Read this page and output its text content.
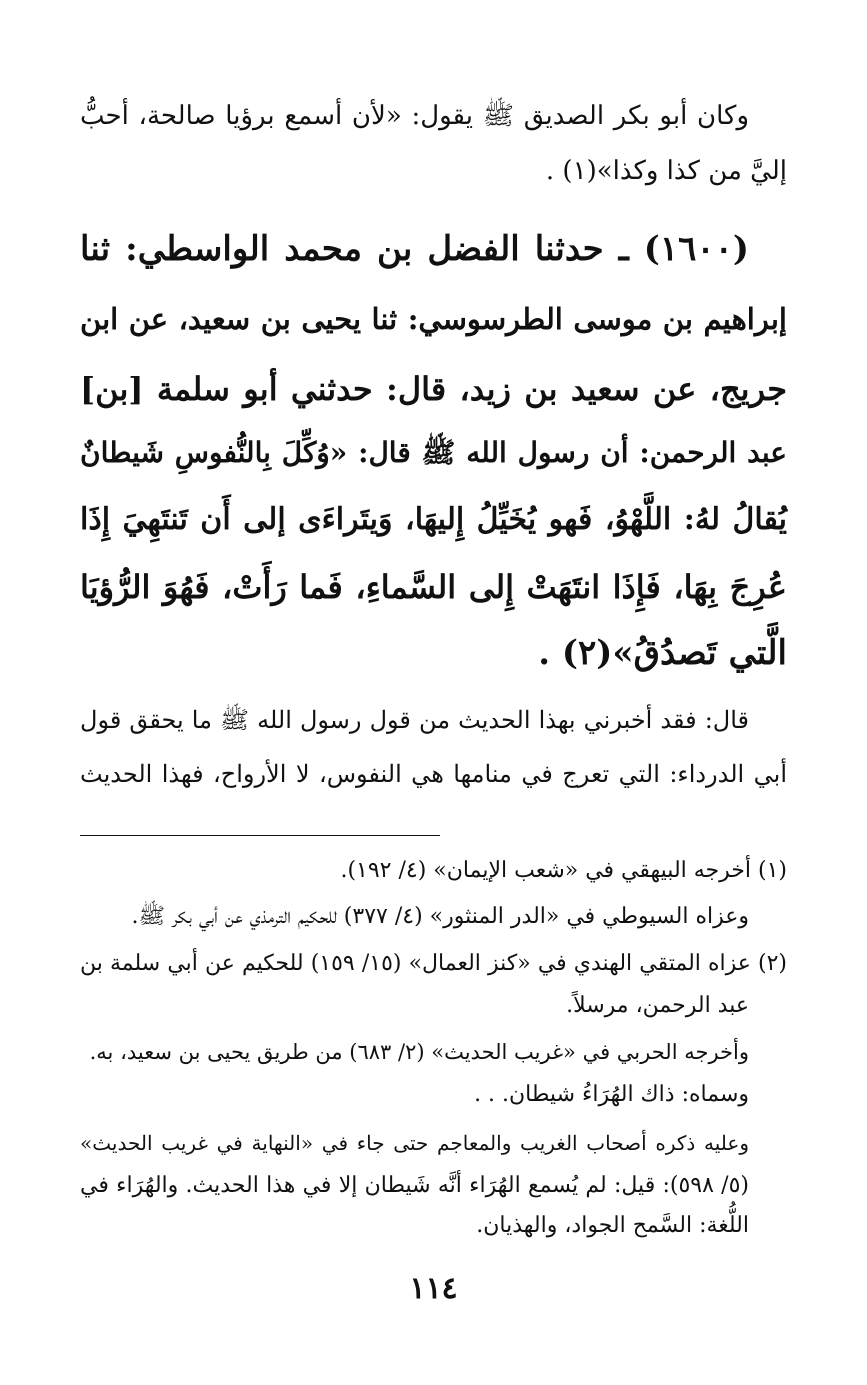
وكان أبو بكر الصديق ﷺ يقول: «لأن أسمع برؤيا صالحة، أحبُّ
إليَّ من كذا وكذا»(١) .
(١٦٠٠) ـ حدثنا الفضل بن محمد الواسطي: ثنا
إبراهيم بن موسى الطرسوسي: ثنا يحيى بن سعيد، عن ابن
جريج، عن سعيد بن زيد، قال: حدثني أبو سلمة [بن]
عبد الرحمن: أن رسول الله ﷺ قال: «وُكِّلَ بِالنُّفوسِ شَيطانٌ
يُقالُ لهُ: اللَّهْوُ، فَهو يُخَيِّلُ إِليهَا، وَيتَراءَى إلى أَن تَنتَهِيَ إِذَا
عُرِجَ بِهَا، فَإِذَا انتَهَتْ إِلى السَّماءِ، فَما رَأَتْ، فَهُوَ الرُّؤيَا
الَّتي تَصدُقُ»(٢) .
قال: فقد أخبرني بهذا الحديث من قول رسول الله ﷺ ما يحقق قول
أبي الدرداء: التي تعرج في منامها هي النفوس، لا الأرواح، فهذا الحديث
(١) أخرجه البيهقي في «شعب الإيمان» (٤/ ١٩٢).
وعزاه السيوطي في «الدر المنثور» (٤/ ٣٧٧) للحكيم الترمذي عن أبي بكر ﷺ.
(٢) عزاه المتقي الهندي في «كنز العمال» (١٥/ ١٥٩) للحكيم عن أبي سلمة بن
عبد الرحمن، مرسلاً.
وأخرجه الحربي في «غريب الحديث» (٢/ ٦٨٣) من طريق يحيى بن سعيد، به.
وسماه: ذاك الهُرَاءُ شيطان. . .
وعليه ذكره أصحاب الغريب والمعاجم حتى جاء في «النهاية في غريب الحديث»
(٥/ ٥٩٨): قيل: لم يُسمع الهُرَاء أنَّه شَيطان إلا في هذا الحديث. والهُرَاء في
اللُّغة: السَّمح الجواد، والهذيان.
١١٤
